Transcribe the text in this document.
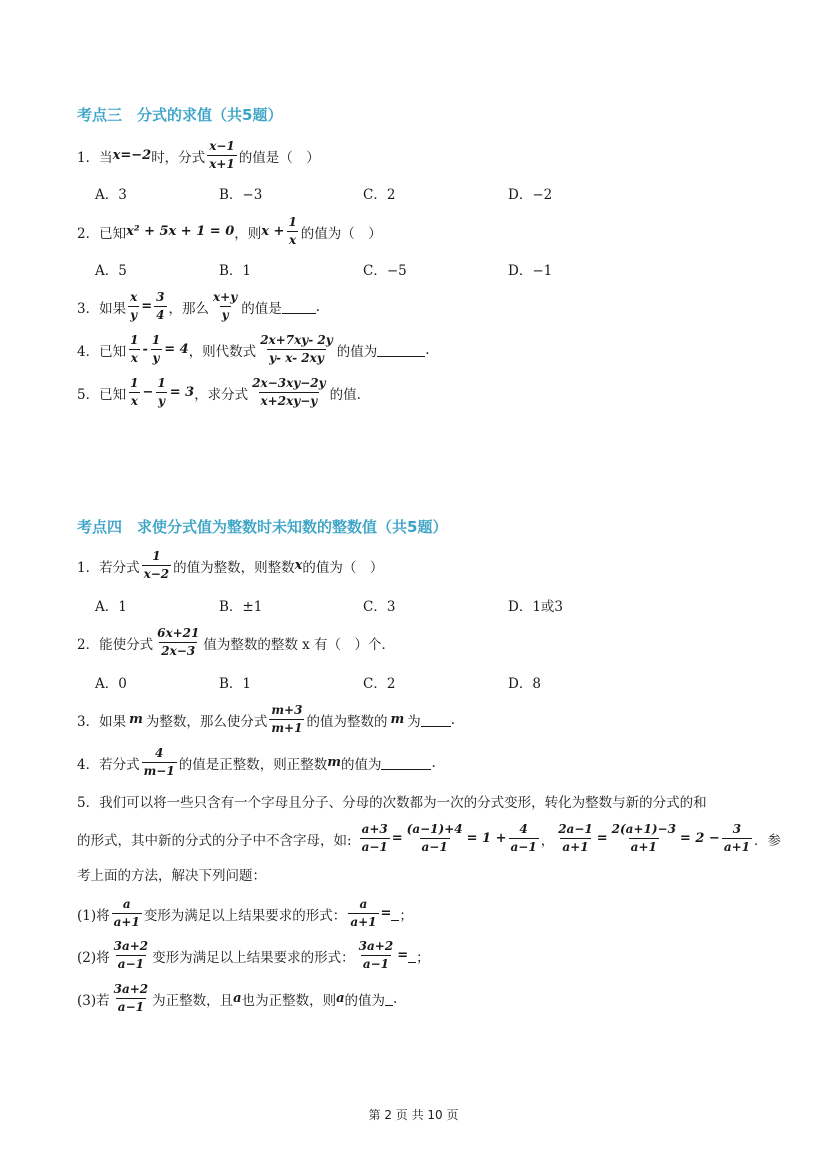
考点三　分式的求值（共5题）
1． 当 x=−2 时，分式 $\frac{x-1}{x+1}$ 的值是（　）
A．3	B．−3	C．2	D．−2
2． 已知 x² + 5x + 1 = 0 ，则 $x + \frac{1}{x}$ 的值为（　）
A．5	B．1	C．−5	D．−1
3． 如果 $\frac{x}{y} = \frac{3}{4}$ ，那么 $\frac{x+y}{y}$ 的值是	.
4． 已知 $\frac{1}{x} - \frac{1}{y} = 4$ ，则代数式 $\frac{2x+7xy- 2y}{y- x- 2xy}$ 的值为	.
5． 已知 $\frac{1}{x} - \frac{1}{y} = 3$ ，求分式 $\frac{2x-3xy-2y}{x+2xy-y}$ 的值.
考点四　求使分式值为整数时未知数的整数值（共5题）
1． 若分式 $\frac{1}{x-2}$ 的值为整数，则整数 x 的值为（　）
A．1	B．±1	C．3	D．1或3
2． 能使分式 $\frac{6x+21}{2x-3}$ 值为整数的整数 x 有（　）个．
A．0	B．1	C．2	D．8
3． 如果 m 为整数，那么使分式 $\frac{m+3}{m+1}$ 的值为整数的 m 为 .
4． 若分式 $\frac{4}{m-1}$ 的值是正整数，则正整数 m 的值为	.
5． 我们可以将一些只含有一个字母且分子、分母的次数都为一次的分式变形，转化为整数与新的分式的和
的形式，其中新的分式的分子中不含字母，如: $\frac{a+3}{a-1} = \frac{(a-1)+4}{a-1} = 1 + \frac{4}{a-1}$ ， $\frac{2a-1}{a+1} = \frac{2(a+1)-3}{a+1} = 2 - \frac{3}{a+1}$ ．参
考上面的方法，解决下列问题：
(1)将 $\frac{a}{a+1}$ 变形为满足以上结果要求的形式： $\frac{a}{a+1}$ = ；
(2)将 $\frac{3a+2}{a-1}$ 变形为满足以上结果要求的形式： $\frac{3a+2}{a-1}$ = ；
(3)若 $\frac{3a+2}{a-1}$ 为正整数，且 a 也为正整数，则 a 的值为 .
第 2 页 共 10 页
